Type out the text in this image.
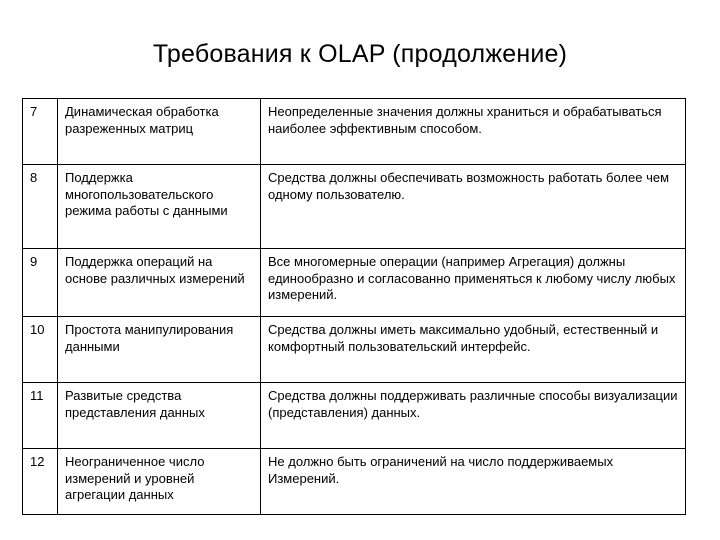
Требования к OLAP (продолжение)
7	Динамическая обработка разреженных матриц	Неопределенные значения должны храниться и обрабатываться наиболее эффективным способом.
8	Поддержка многопользовательского режима работы с данными	Средства должны обеспечивать возможность работать более чем одному пользователю.
9	Поддержка операций на основе различных измерений	Все многомерные операции (например Агрегация) должны единообразно и согласованно применяться к любому числу любых измерений.
10	Простота манипулирования данными	Средства должны иметь максимально удобный, естественный и комфортный пользовательский интерфейс.
11	Развитые средства представления данных	Средства должны поддерживать различные способы визуализации (представления) данных.
12	Неограниченное число измерений и уровней агрегации данных	Не должно быть ограничений на число поддерживаемых Измерений.
